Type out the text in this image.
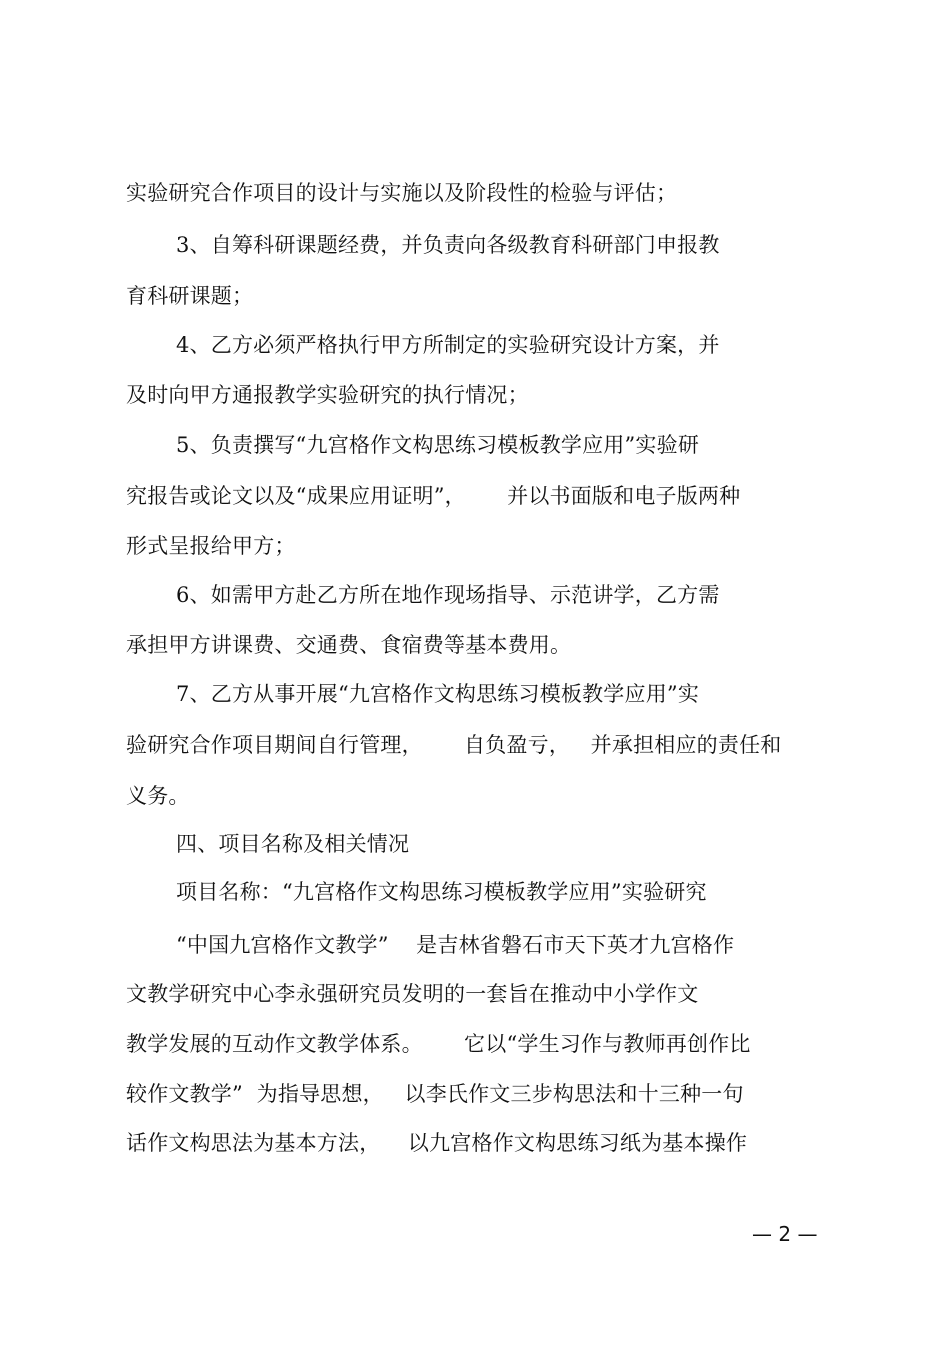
实验研究合作项目的设计与实施以及阶段性的检验与评估；
3、自筹科研课题经费，并负责向各级教育科研部门申报教
育科研课题；
4、乙方必须严格执行甲方所制定的实验研究设计方案，并
及时向甲方通报教学实验研究的执行情况；
5、负责撰写“九宫格作文构思练习模板教学应用”实验研
究报告或论文以及“成果应用证明”，      并以书面版和电子版两种
形式呈报给甲方；
6、如需甲方赴乙方所在地作现场指导、示范讲学，乙方需
承担甲方讲课费、交通费、食宿费等基本费用。
7、乙方从事开展“九宫格作文构思练习模板教学应用”实
验研究合作项目期间自行管理，      自负盈亏，   并承担相应的责任和
义务。
四、项目名称及相关情况
项目名称：“九宫格作文构思练习模板教学应用”实验研究
“中国九宫格作文教学”    是吉林省磐石市天下英才九宫格作
文教学研究中心李永强研究员发明的一套旨在推动中小学作文
教学发展的互动作文教学体系。      它以“学生习作与教师再创作比
较作文教学”  为指导思想，   以李氏作文三步构思法和十三种一句
话作文构思法为基本方法，    以九宫格作文构思练习纸为基本操作
— 2 —
